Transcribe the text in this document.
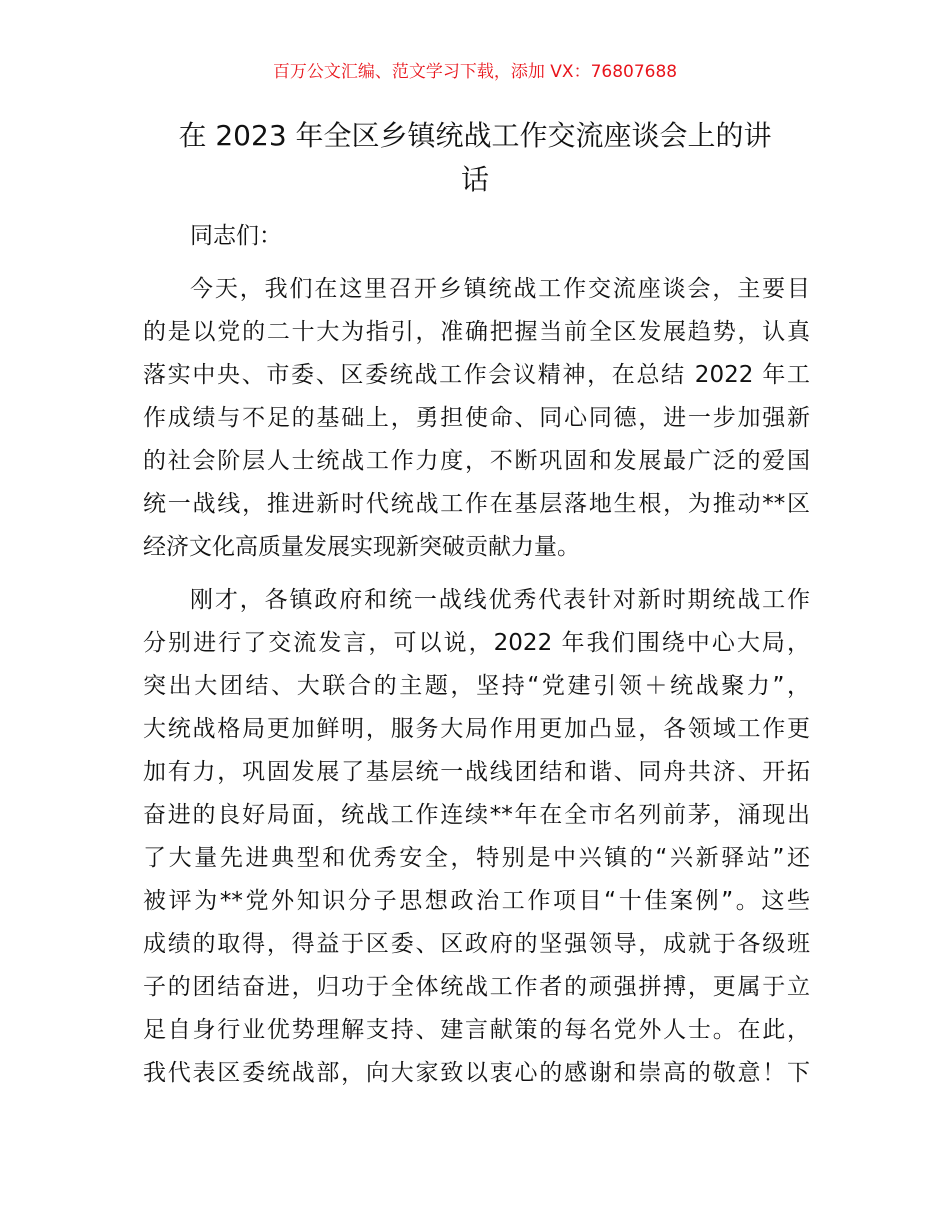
百万公文汇编、范文学习下载，添加 VX：76807688
在 2023 年全区乡镇统战工作交流座谈会上的讲
话
同志们：
今天，我们在这里召开乡镇统战工作交流座谈会，主要目
的是以党的二十大为指引，准确把握当前全区发展趋势，认真
落实中央、市委、区委统战工作会议精神，在总结 2022 年工
作成绩与不足的基础上，勇担使命、同心同德，进一步加强新
的社会阶层人士统战工作力度，不断巩固和发展最广泛的爱国
统一战线，推进新时代统战工作在基层落地生根，为推动**区
经济文化高质量发展实现新突破贡献力量。
刚才，各镇政府和统一战线优秀代表针对新时期统战工作
分别进行了交流发言，可以说，2022 年我们围绕中心大局，
突出大团结、大联合的主题，坚持“党建引领＋统战聚力”，
大统战格局更加鲜明，服务大局作用更加凸显，各领域工作更
加有力，巩固发展了基层统一战线团结和谐、同舟共济、开拓
奋进的良好局面，统战工作连续**年在全市名列前茅，涌现出
了大量先进典型和优秀安全，特别是中兴镇的“兴新驿站”还
被评为**党外知识分子思想政治工作项目“十佳案例”。这些
成绩的取得，得益于区委、区政府的坚强领导，成就于各级班
子的团结奋进，归功于全体统战工作者的顽强拼搏，更属于立
足自身行业优势理解支持、建言献策的每名党外人士。在此，
我代表区委统战部，向大家致以衷心的感谢和崇高的敬意！下
